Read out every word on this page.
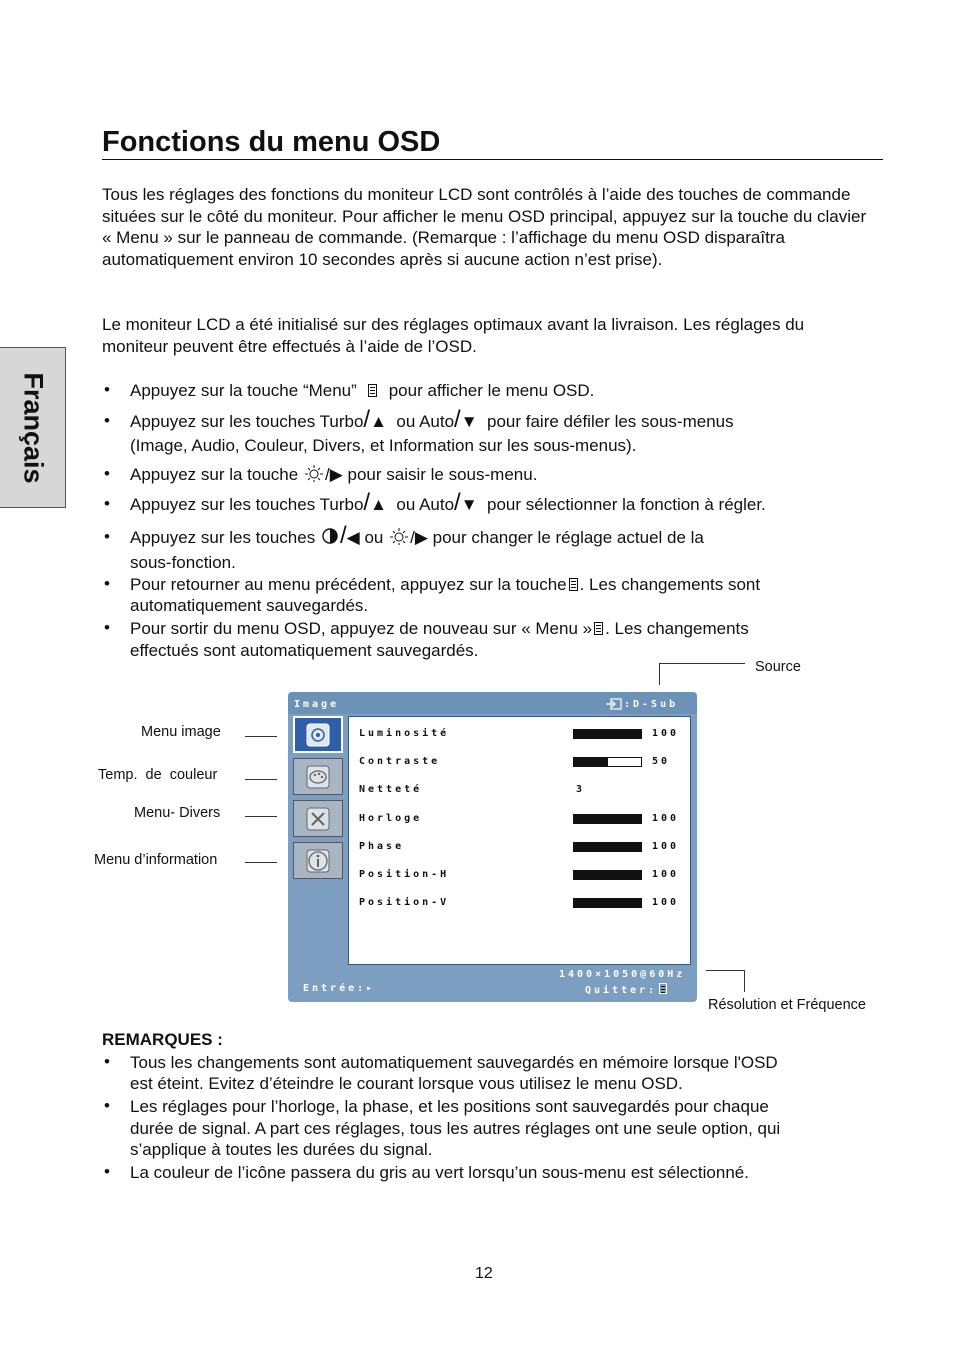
Français
Fonctions du menu OSD

Tous les réglages des fonctions du moniteur LCD sont contrôlés à l’aide des touches de commande situées sur le côté du moniteur. Pour afficher le menu OSD principal, appuyez sur la touche du clavier « Menu » sur le panneau de commande. (Remarque : l’affichage du menu OSD disparaîtra automatiquement environ 10 secondes après si aucune action n’est prise).

Le moniteur LCD a été initialisé sur des réglages optimaux avant la livraison. Les réglages du moniteur peuvent être effectués à l’aide de l’OSD.

• Appuyez sur la touche “Menu” pour afficher le menu OSD.
• Appuyez sur les touches Turbo/▲ ou Auto/▼ pour faire défiler les sous-menus
(Image, Audio, Couleur, Divers, et Information sur les sous-menus).
• Appuyez sur la touche /▶ pour saisir le sous-menu.
• Appuyez sur les touches Turbo/▲ ou Auto/▼ pour sélectionner la fonction à régler.
• Appuyez sur les touches /◀ ou /▶ pour changer le réglage actuel de la
sous-fonction.
• Pour retourner au menu précédent, appuyez sur la touche . Les changements sont
automatiquement sauvegardés.
• Pour sortir du menu OSD, appuyez de nouveau sur « Menu » . Les changements
effectués sont automatiquement sauvegardés.
Source
Menu image
Temp.  de  couleur
Menu- Divers
Menu d’information
Résolution et Fréquence
Image	:D-Sub
Luminosité	100
Contraste	50
Netteté	3
Horloge	100
Phase	100
Position-H	100
Position-V	100
1400×1050@60Hz
Entrée:▸	Quitter:
REMARQUES :
• Tous les changements sont automatiquement sauvegardés en mémoire lorsque l'OSD
est éteint. Evitez d’éteindre le courant lorsque vous utilisez le menu OSD.
• Les réglages pour l’horloge, la phase, et les positions sont sauvegardés pour chaque
durée de signal. A part ces réglages, tous les autres réglages ont une seule option, qui
s’applique à toutes les durées du signal.
• La couleur de l’icône passera du gris au vert lorsqu’un sous-menu est sélectionné.
12
